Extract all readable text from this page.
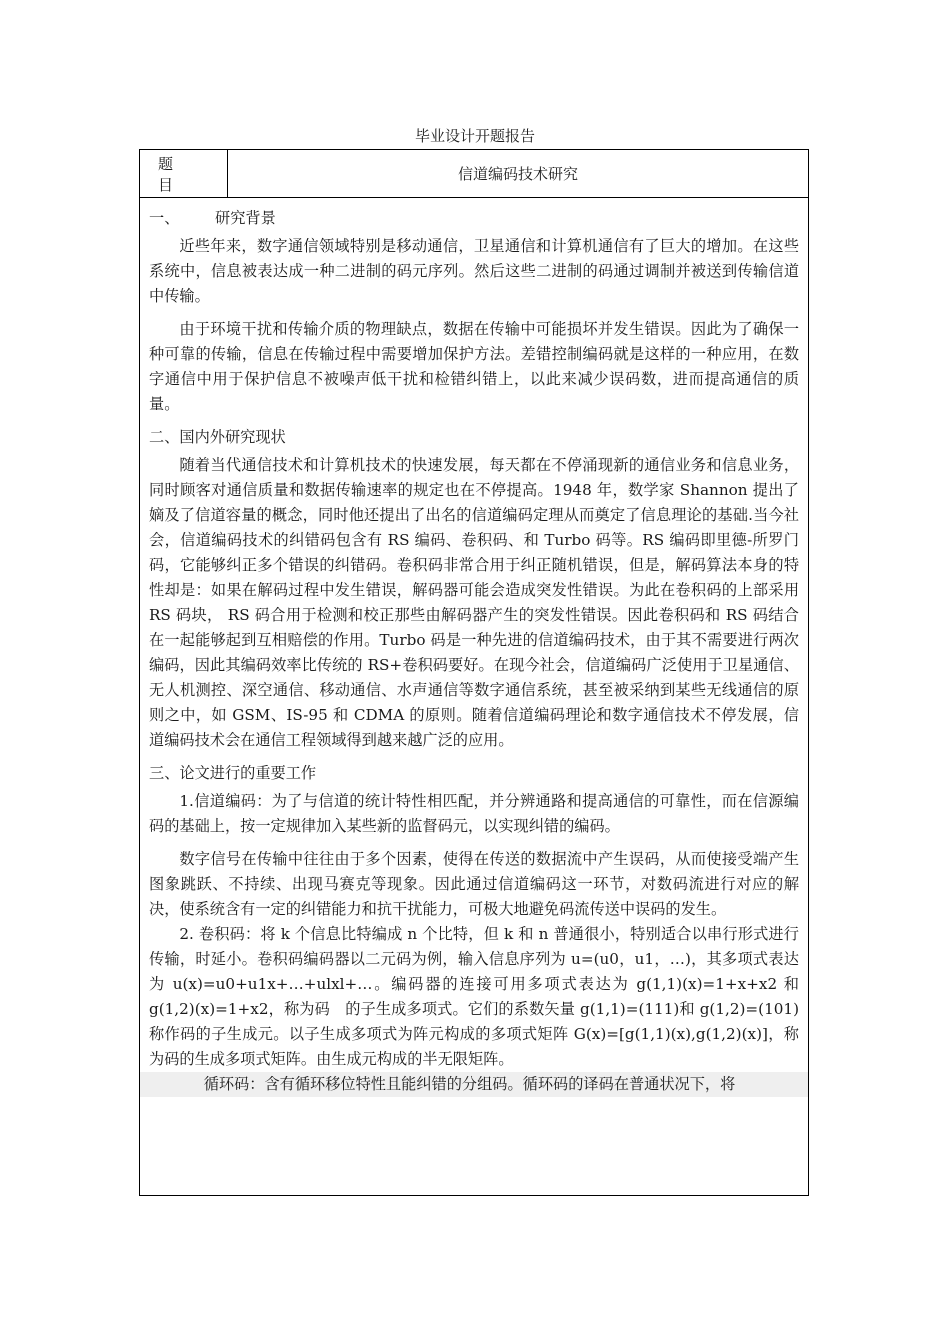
毕业设计开题报告
题目
信道编码技术研究
一、 研究背景

近些年来，数字通信领域特别是移动通信，卫星通信和计算机通信有了巨大的增加。在这些系统中，信息被表达成一种二进制的码元序列。然后这些二进制的码通过调制并被送到传输信道中传输。

由于环境干扰和传输介质的物理缺点，数据在传输中可能损坏并发生错误。因此为了确保一种可靠的传输，信息在传输过程中需要增加保护方法。差错控制编码就是这样的一种应用，在数字通信中用于保护信息不被噪声低干扰和检错纠错上，以此来减少误码数，进而提高通信的质量。

二、国内外研究现状

随着当代通信技术和计算机技术的快速发展，每天都在不停涌现新的通信业务和信息业务，同时顾客对通信质量和数据传输速率的规定也在不停提高。1948 年，数学家 Shannon 提出了嫡及了信道容量的概念，同时他还提出了出名的信道编码定理从而奠定了信息理论的基础.当今社会，信道编码技术的纠错码包含有 RS 编码、卷积码、和 Turbo 码等。RS 编码即里德-所罗门码，它能够纠正多个错误的纠错码。卷积码非常合用于纠正随机错误，但是，解码算法本身的特性却是：如果在解码过程中发生错误，解码器可能会造成突发性错误。为此在卷积码的上部采用 RS 码块， RS 码合用于检测和校正那些由解码器产生的突发性错误。因此卷积码和 RS 码结合在一起能够起到互相赔偿的作用。Turbo 码是一种先进的信道编码技术，由于其不需要进行两次编码，因此其编码效率比传统的 RS+卷积码要好。在现今社会，信道编码广泛使用于卫星通信、无人机测控、深空通信、移动通信、水声通信等数字通信系统，甚至被采纳到某些无线通信的原则之中，如 GSM、IS-95 和 CDMA 的原则。随着信道编码理论和数字通信技术不停发展，信道编码技术会在通信工程领域得到越来越广泛的应用。

三、论文进行的重要工作

1.信道编码：为了与信道的统计特性相匹配，并分辨通路和提高通信的可靠性，而在信源编码的基础上，按一定规律加入某些新的监督码元，以实现纠错的编码。

数字信号在传输中往往由于多个因素，使得在传送的数据流中产生误码，从而使接受端产生图象跳跃、不持续、出现马赛克等现象。因此通过信道编码这一环节，对数码流进行对应的解决，使系统含有一定的纠错能力和抗干扰能力，可极大地避免码流传送中误码的发生。

2. 卷积码：将 k 个信息比特编成 n 个比特，但 k 和 n 普通很小，特别适合以串行形式进行传输，时延小。卷积码编码器以二元码为例，输入信息序列为 u=(u0，u1，…)，其多项式表达为 u(x)=u0+u1x+…+ulxl+…。编码器的连接可用多项式表达为 g(1,1)(x)=1+x+x2 和 g(1,2)(x)=1+x2，称为码　的子生成多项式。它们的系数矢量 g(1,1)=(111)和 g(1,2)=(101)称作码的子生成元。以子生成多项式为阵元构成的多项式矩阵 G(x)=[g(1,1)(x),g(1,2)(x)]，称为码的生成多项式矩阵。由生成元构成的半无限矩阵。

循环码：含有循环移位特性且能纠错的分组码。循环码的译码在普通状况下，将
